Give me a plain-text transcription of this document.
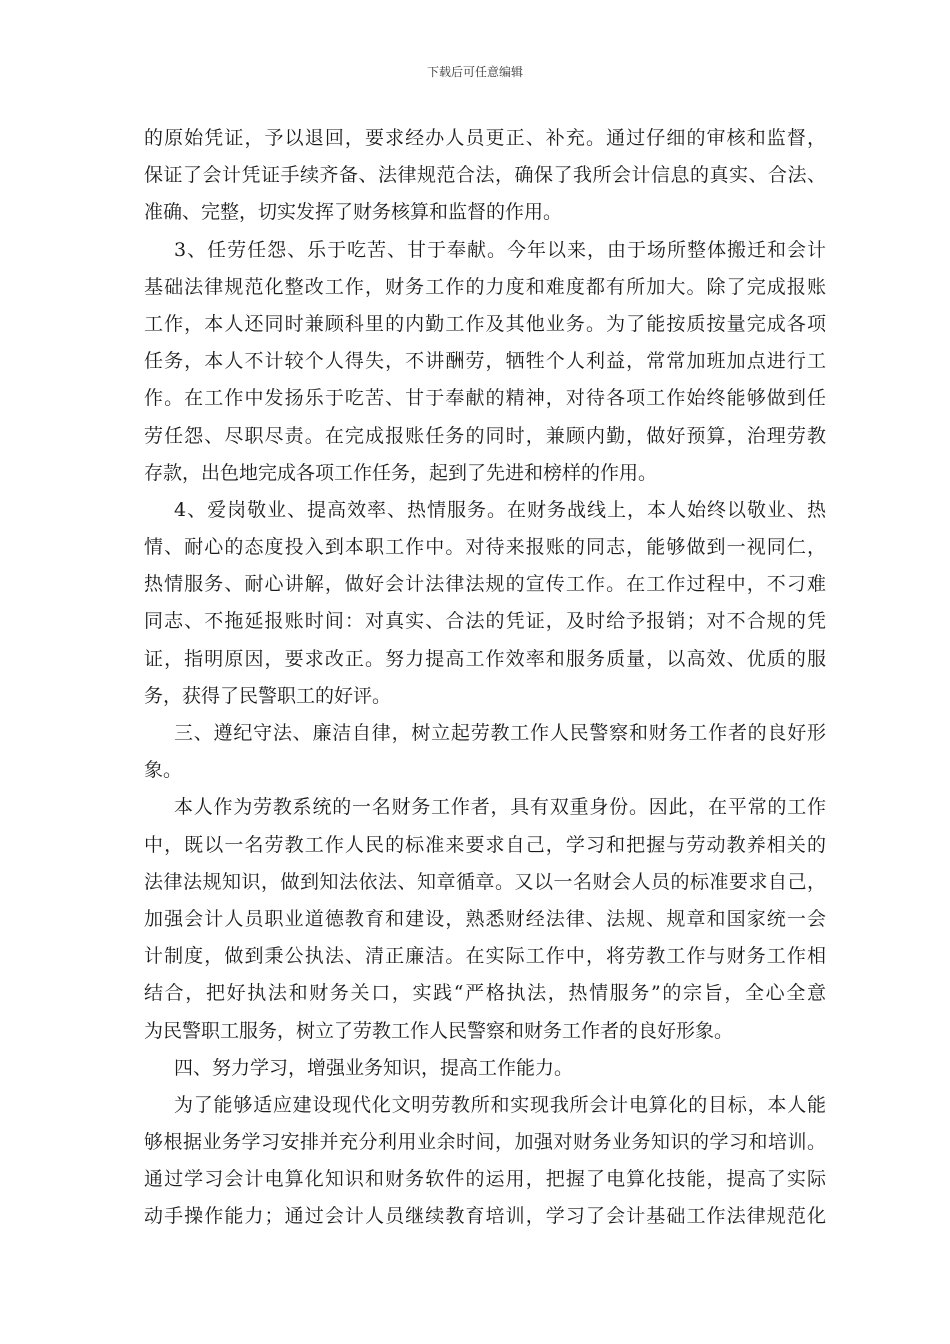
下载后可任意编辑
的原始凭证，予以退回，要求经办人员更正、补充。通过仔细的审核和监督，
保证了会计凭证手续齐备、法律规范合法，确保了我所会计信息的真实、合法、
准确、完整，切实发挥了财务核算和监督的作用。
3、任劳任怨、乐于吃苦、甘于奉献。今年以来，由于场所整体搬迁和会计
基础法律规范化整改工作，财务工作的力度和难度都有所加大。除了完成报账
工作，本人还同时兼顾科里的内勤工作及其他业务。为了能按质按量完成各项
任务，本人不计较个人得失，不讲酬劳，牺牲个人利益，常常加班加点进行工
作。在工作中发扬乐于吃苦、甘于奉献的精神，对待各项工作始终能够做到任
劳任怨、尽职尽责。在完成报账任务的同时，兼顾内勤，做好预算，治理劳教
存款，出色地完成各项工作任务，起到了先进和榜样的作用。
4、爱岗敬业、提高效率、热情服务。在财务战线上，本人始终以敬业、热
情、耐心的态度投入到本职工作中。对待来报账的同志，能够做到一视同仁，
热情服务、耐心讲解，做好会计法律法规的宣传工作。在工作过程中，不刁难
同志、不拖延报账时间：对真实、合法的凭证，及时给予报销；对不合规的凭
证，指明原因，要求改正。努力提高工作效率和服务质量，以高效、优质的服
务，获得了民警职工的好评。
三、遵纪守法、廉洁自律，树立起劳教工作人民警察和财务工作者的良好形
象。
本人作为劳教系统的一名财务工作者，具有双重身份。因此，在平常的工作
中，既以一名劳教工作人民的标准来要求自己，学习和把握与劳动教养相关的
法律法规知识，做到知法依法、知章循章。又以一名财会人员的标准要求自己，
加强会计人员职业道德教育和建设，熟悉财经法律、法规、规章和国家统一会
计制度，做到秉公执法、清正廉洁。在实际工作中，将劳教工作与财务工作相
结合，把好执法和财务关口，实践“严格执法，热情服务”的宗旨，全心全意
为民警职工服务，树立了劳教工作人民警察和财务工作者的良好形象。
四、努力学习，增强业务知识，提高工作能力。
为了能够适应建设现代化文明劳教所和实现我所会计电算化的目标，本人能
够根据业务学习安排并充分利用业余时间，加强对财务业务知识的学习和培训。
通过学习会计电算化知识和财务软件的运用，把握了电算化技能，提高了实际
动手操作能力；通过会计人员继续教育培训，学习了会计基础工作法律规范化
